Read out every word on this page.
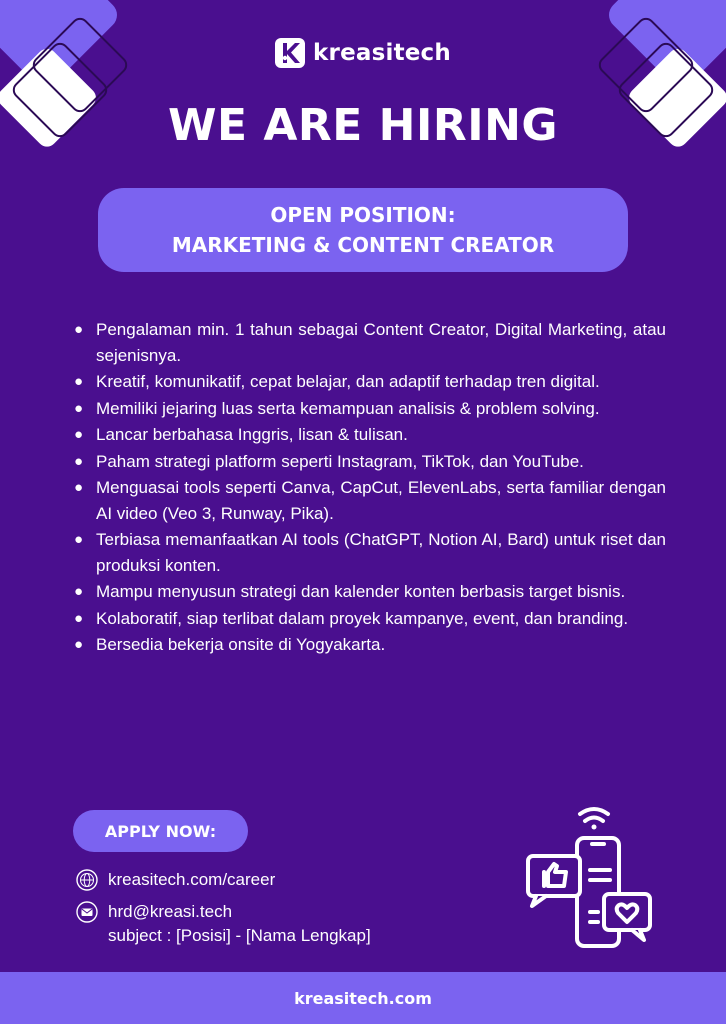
kreasitech
WE ARE HIRING
OPEN POSITION:
MARKETING & CONTENT CREATOR
● Pengalaman min. 1 tahun sebagai Content Creator, Digital Marketing, atau sejenisnya.
● Kreatif, komunikatif, cepat belajar, dan adaptif terhadap tren digital.
● Memiliki jejaring luas serta kemampuan analisis & problem solving.
● Lancar berbahasa Inggris, lisan & tulisan.
● Paham strategi platform seperti Instagram, TikTok, dan YouTube.
● Menguasai tools seperti Canva, CapCut, ElevenLabs, serta familiar dengan AI video (Veo 3, Runway, Pika).
● Terbiasa memanfaatkan AI tools (ChatGPT, Notion AI, Bard) untuk riset dan produksi konten.
● Mampu menyusun strategi dan kalender konten berbasis target bisnis.
● Kolaboratif, siap terlibat dalam proyek kampanye, event, dan branding.
● Bersedia bekerja onsite di Yogyakarta.
APPLY NOW:
kreasitech.com/career
hrd@kreasi.tech
subject : [Posisi] - [Nama Lengkap]
kreasitech.com
